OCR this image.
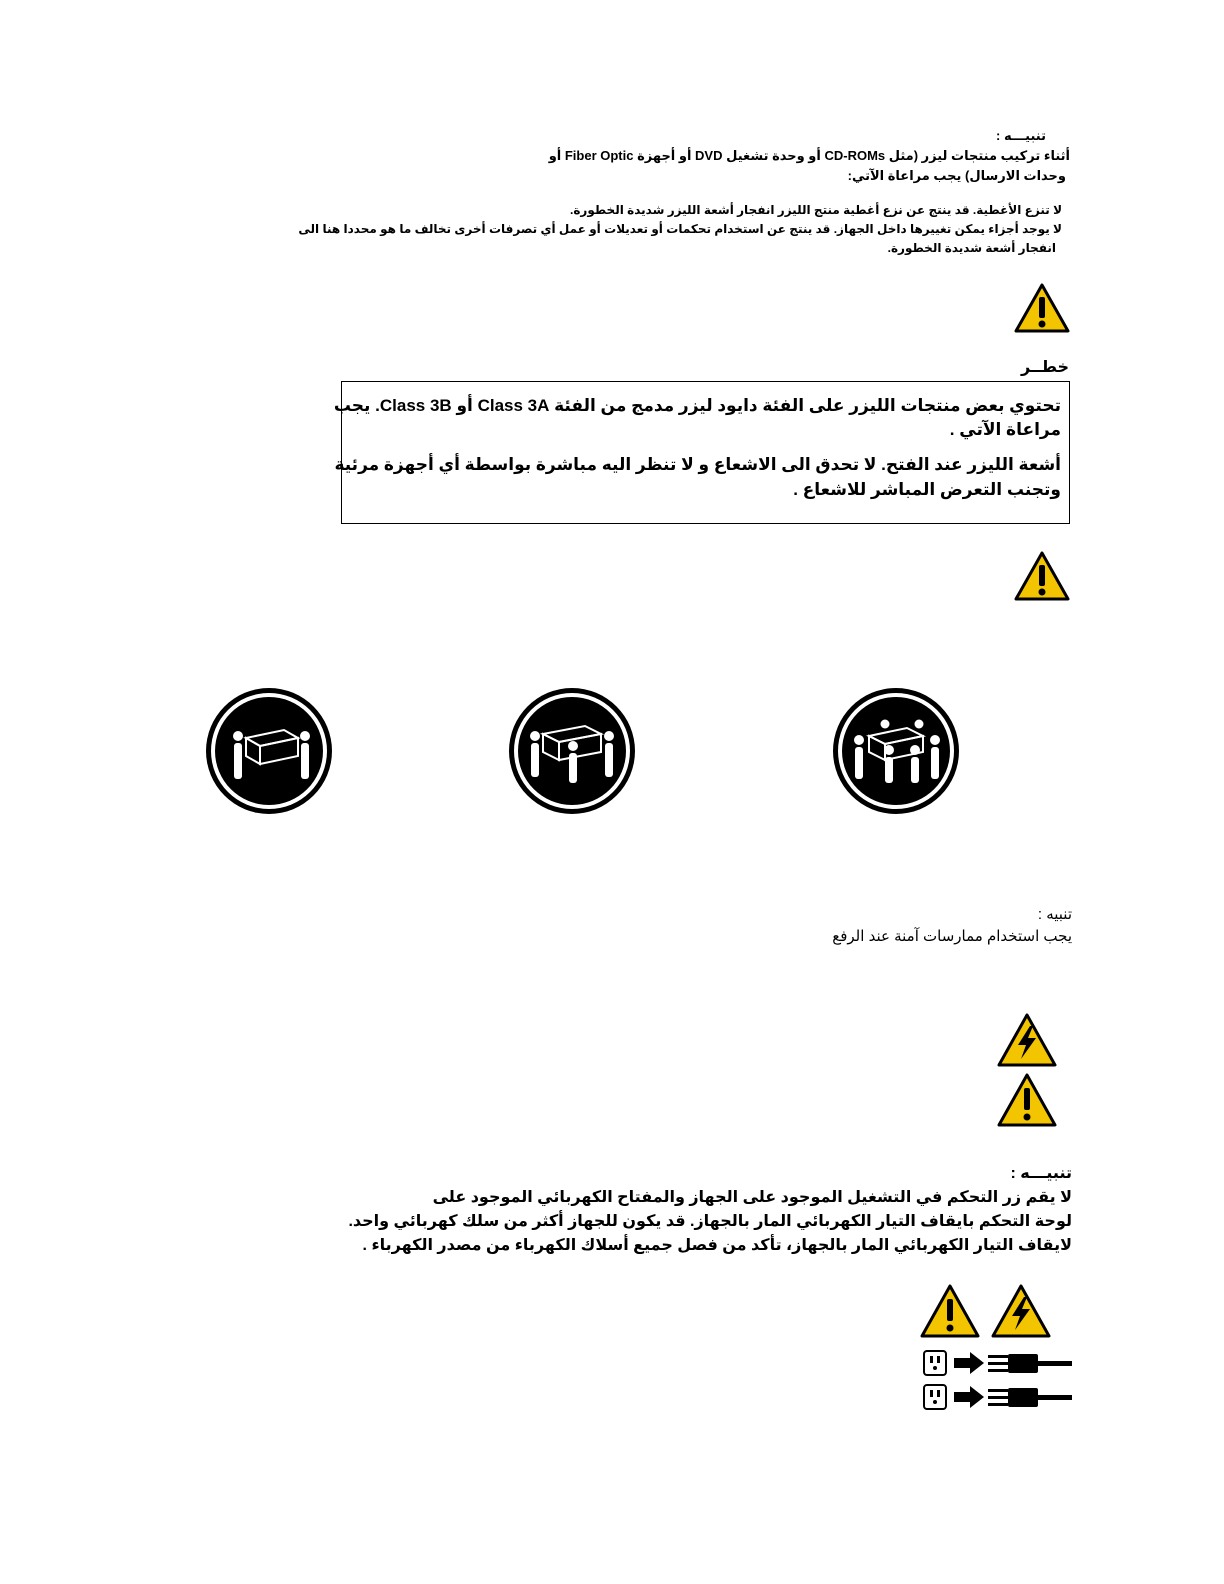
تنبيـــه :
أثناء تركيب منتجات ليزر (مثل CD-ROMs أو وحدة تشغيل DVD أو أجهزة Fiber Optic أو
وحدات الارسال) يجب مراعاة الآتي:
لا تنزع الأغطية. قد ينتج عن نزع أغطية منتج الليزر انفجار أشعة الليزر شديدة الخطورة.
لا يوجد أجزاء يمكن تغييرها داخل الجهاز. قد ينتج عن استخدام تحكمات أو تعديلات أو عمل أي تصرفات أخرى تخالف ما هو محددا هنا الى
انفجار أشعة شديدة الخطورة.
خطــر
تحتوي بعض منتجات الليزر على الفئة دايود ليزر مدمج من الفئة Class 3A أو Class 3B. يجب
مراعاة الآتي .
أشعة الليزر عند الفتح. لا تحدق الى الاشعاع و لا تنظر اليه مباشرة بواسطة أي أجهزة مرئية
وتجنب التعرض المباشر للاشعاع .
تنبيه :
يجب استخدام ممارسات آمنة عند الرفع
تنبيـــه :
لا يقم زر التحكم في التشغيل الموجود على الجهاز والمفتاح الكهربائي الموجود على
لوحة التحكم بايقاف التيار الكهربائي المار بالجهاز. قد يكون للجهاز أكثر من سلك كهربائي واحد.
لايقاف التيار الكهربائي المار بالجهاز، تأكد من فصل جميع أسلاك الكهرباء من مصدر الكهرباء .
